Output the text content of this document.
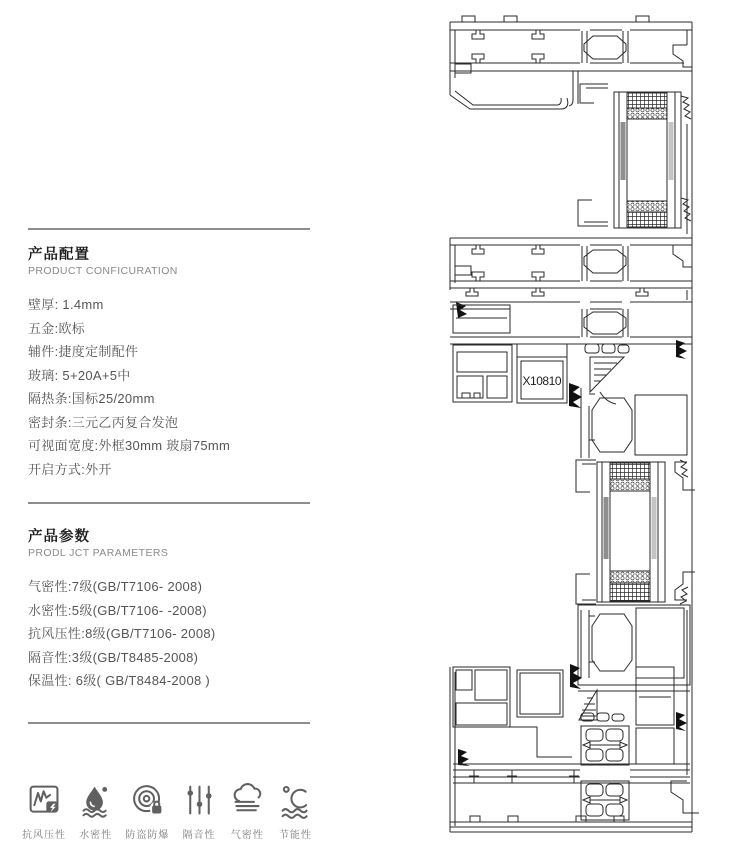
产品配置
PRODUCT CONFICURATION
壁厚: 1.4mm
五金:欧标
辅件:捷度定制配件
玻璃: 5+20A+5中
隔热条:国标25/20mm
密封条:三元乙丙复合发泡
可视面宽度:外框30mm 玻扇75mm
开启方式:外开
产品参数
PRODL JCT PARAMETERS
气密性:7级(GB/T7106- 2008)
水密性:5级(GB/T7106- -2008)
抗风压性:8级(GB/T7106- 2008)
隔音性:3级(GB/T8485-2008)
保温性: 6级( GB/T8484-2008 )
抗风压性 水密性 防盗防爆 隔音性 气密性 节能性
X10810
